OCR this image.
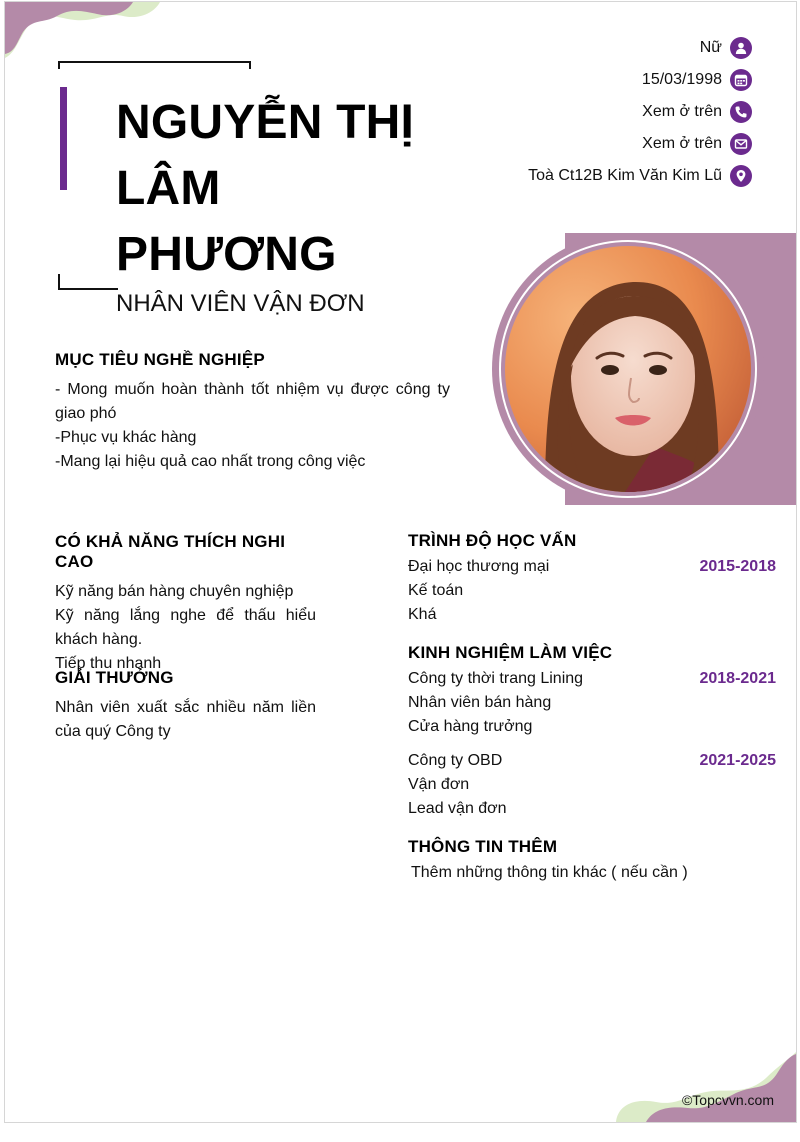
NGUYỄN THỊ LÂM PHƯƠNG
NHÂN VIÊN VẬN ĐƠN
Nữ
15/03/1998
Xem ở trên
Xem ở trên
Toà Ct12B Kim Văn Kim Lũ
MỤC TIÊU NGHỀ NGHIỆP

- Mong muốn hoàn thành tốt nhiệm vụ được công ty giao phó

-Phục vụ khác hàng

-Mang lại hiệu quả cao nhất trong công việc

CÓ KHẢ NĂNG THÍCH NGHI CAO

Kỹ năng bán hàng chuyên nghiệp

Kỹ năng lắng nghe để thấu hiểu khách hàng.

Tiếp thu nhanh

GIẢI THƯỞNG

Nhân viên xuất sắc nhiều năm liền của quý Công ty

TRÌNH ĐỘ HỌC VẤN
Đại học thương mại	2015-2018
Kế toán
Khá
KINH NGHIỆM LÀM VIỆC
Công ty thời trang Lining	2018-2021
Nhân viên bán hàng
Cửa hàng trưởng
Công ty OBD	2021-2025
Vận đơn
Lead vận đơn
THÔNG TIN THÊM
Thêm những thông tin khác ( nếu cần )
©Topcvvn.com
